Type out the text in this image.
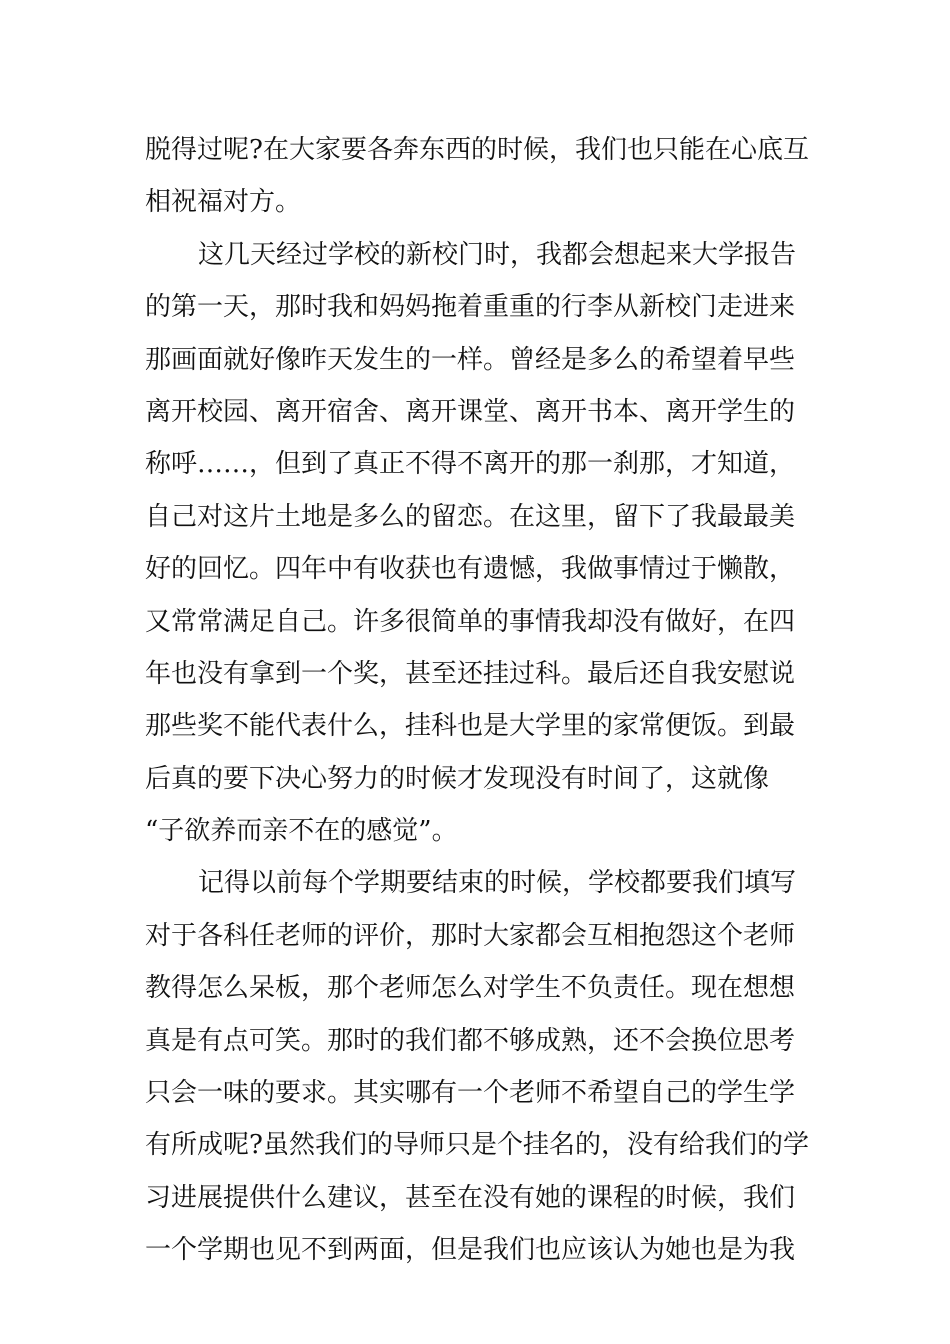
脱得过呢?在大家要各奔东西的时候，我们也只能在心底互
相祝福对方。
这几天经过学校的新校门时，我都会想起来大学报告
的第一天，那时我和妈妈拖着重重的行李从新校门走进来
那画面就好像昨天发生的一样。曾经是多么的希望着早些
离开校园、离开宿舍、离开课堂、离开书本、离开学生的
称呼……，但到了真正不得不离开的那一刹那，才知道，
自己对这片土地是多么的留恋。在这里，留下了我最最美
好的回忆。四年中有收获也有遗憾，我做事情过于懒散，
又常常满足自己。许多很简单的事情我却没有做好，在四
年也没有拿到一个奖，甚至还挂过科。最后还自我安慰说
那些奖不能代表什么，挂科也是大学里的家常便饭。到最
后真的要下决心努力的时候才发现没有时间了，这就像
“子欲养而亲不在的感觉”。
记得以前每个学期要结束的时候，学校都要我们填写
对于各科任老师的评价，那时大家都会互相抱怨这个老师
教得怎么呆板，那个老师怎么对学生不负责任。现在想想
真是有点可笑。那时的我们都不够成熟，还不会换位思考
只会一味的要求。其实哪有一个老师不希望自己的学生学
有所成呢?虽然我们的导师只是个挂名的，没有给我们的学
习进展提供什么建议，甚至在没有她的课程的时候，我们
一个学期也见不到两面，但是我们也应该认为她也是为我
